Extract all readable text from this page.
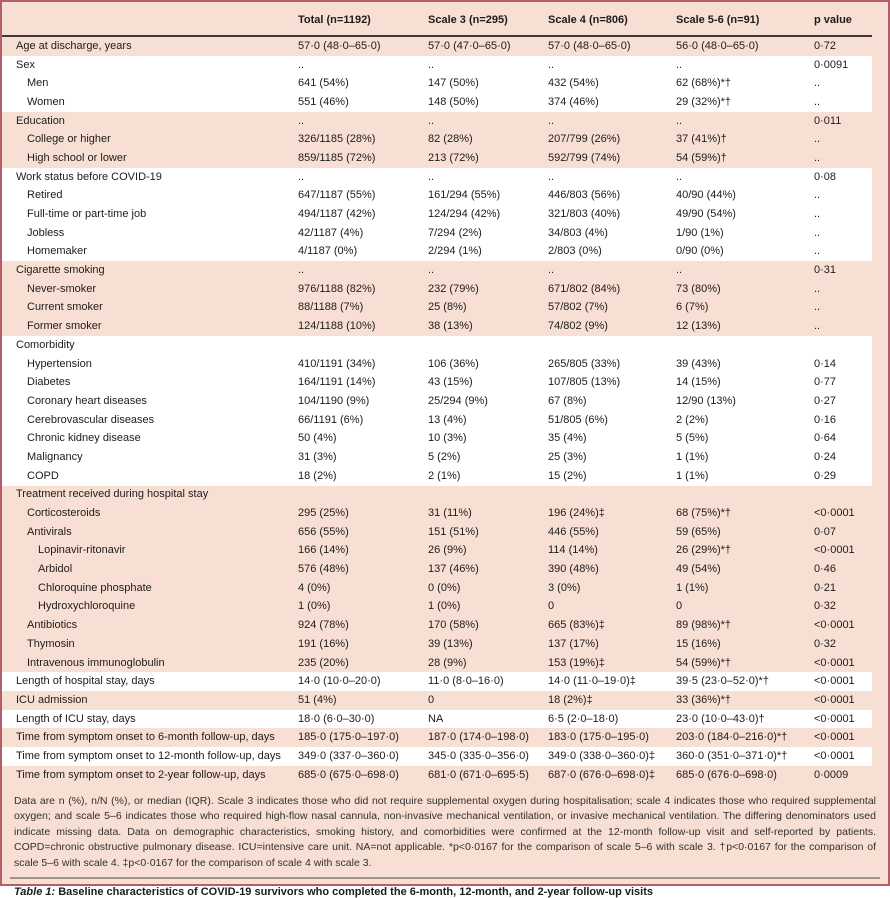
	Total (n=1192)	Scale 3 (n=295)	Scale 4 (n=806)	Scale 5-6 (n=91)	p value
Age at discharge, years	57·0 (48·0–65·0)	57·0 (47·0–65·0)	57·0 (48·0–65·0)	56·0 (48·0–65·0)	0·72
Sex	..	..	..	..	0·0091
Men	641 (54%)	147 (50%)	432 (54%)	62 (68%)*†	..
Women	551 (46%)	148 (50%)	374 (46%)	29 (32%)*†	..
Education	..	..	..	..	0·011
College or higher	326/1185 (28%)	82 (28%)	207/799 (26%)	37 (41%)†	..
High school or lower	859/1185 (72%)	213 (72%)	592/799 (74%)	54 (59%)†	..
Work status before COVID-19	..	..	..	..	0·08
Retired	647/1187 (55%)	161/294 (55%)	446/803 (56%)	40/90 (44%)	..
Full-time or part-time job	494/1187 (42%)	124/294 (42%)	321/803 (40%)	49/90 (54%)	..
Jobless	42/1187 (4%)	7/294 (2%)	34/803 (4%)	1/90 (1%)	..
Homemaker	4/1187 (0%)	2/294 (1%)	2/803 (0%)	0/90 (0%)	..
Cigarette smoking	..	..	..	..	0·31
Never-smoker	976/1188 (82%)	232 (79%)	671/802 (84%)	73 (80%)	..
Current smoker	88/1188 (7%)	25 (8%)	57/802 (7%)	6 (7%)	..
Former smoker	124/1188 (10%)	38 (13%)	74/802 (9%)	12 (13%)	..
Comorbidity					
Hypertension	410/1191 (34%)	106 (36%)	265/805 (33%)	39 (43%)	0·14
Diabetes	164/1191 (14%)	43 (15%)	107/805 (13%)	14 (15%)	0·77
Coronary heart diseases	104/1190 (9%)	25/294 (9%)	67 (8%)	12/90 (13%)	0·27
Cerebrovascular diseases	66/1191 (6%)	13 (4%)	51/805 (6%)	2 (2%)	0·16
Chronic kidney disease	50 (4%)	10 (3%)	35 (4%)	5 (5%)	0·64
Malignancy	31 (3%)	5 (2%)	25 (3%)	1 (1%)	0·24
COPD	18 (2%)	2 (1%)	15 (2%)	1 (1%)	0·29
Treatment received during hospital stay					
Corticosteroids	295 (25%)	31 (11%)	196 (24%)‡	68 (75%)*†	<0·0001
Antivirals	656 (55%)	151 (51%)	446 (55%)	59 (65%)	0·07
Lopinavir-ritonavir	166 (14%)	26 (9%)	114 (14%)	26 (29%)*†	<0·0001
Arbidol	576 (48%)	137 (46%)	390 (48%)	49 (54%)	0·46
Chloroquine phosphate	4 (0%)	0 (0%)	3 (0%)	1 (1%)	0·21
Hydroxychloroquine	1 (0%)	1 (0%)	0	0	0·32
Antibiotics	924 (78%)	170 (58%)	665 (83%)‡	89 (98%)*†	<0·0001
Thymosin	191 (16%)	39 (13%)	137 (17%)	15 (16%)	0·32
Intravenous immunoglobulin	235 (20%)	28 (9%)	153 (19%)‡	54 (59%)*†	<0·0001
Length of hospital stay, days	14·0 (10·0–20·0)	11·0 (8·0–16·0)	14·0 (11·0–19·0)‡	39·5 (23·0–52·0)*†	<0·0001
ICU admission	51 (4%)	0	18 (2%)‡	33 (36%)*†	<0·0001
Length of ICU stay, days	18·0 (6·0–30·0)	NA	6·5 (2·0–18·0)	23·0 (10·0–43·0)†	<0·0001
Time from symptom onset to 6-month follow-up, days	185·0 (175·0–197·0)	187·0 (174·0–198·0)	183·0 (175·0–195·0)	203·0 (184·0–216·0)*†	<0·0001
Time from symptom onset to 12-month follow-up, days	349·0 (337·0–360·0)	345·0 (335·0–356·0)	349·0 (338·0–360·0)‡	360·0 (351·0–371·0)*†	<0·0001
Time from symptom onset to 2-year follow-up, days	685·0 (675·0–698·0)	681·0 (671·0–695·5)	687·0 (676·0–698·0)‡	685·0 (676·0–698·0)	0·0009
Data are n (%), n/N (%), or median (IQR). Scale 3 indicates those who did not require supplemental oxygen during hospitalisation; scale 4 indicates those who required supplemental oxygen; and scale 5–6 indicates those who required high-flow nasal cannula, non-invasive mechanical ventilation, or invasive mechanical ventilation. The differing denominators used indicate missing data. Data on demographic characteristics, smoking history, and comorbidities were confirmed at the 12-month follow-up visit and self-reported by patients. COPD=chronic obstructive pulmonary disease. ICU=intensive care unit. NA=not applicable. *p<0·0167 for the comparison of scale 5–6 with scale 3. †p<0·0167 for the comparison of scale 5–6 with scale 4. ‡p<0·0167 for the comparison of scale 4 with scale 3.
Table 1: Baseline characteristics of COVID-19 survivors who completed the 6-month, 12-month, and 2-year follow-up visits
